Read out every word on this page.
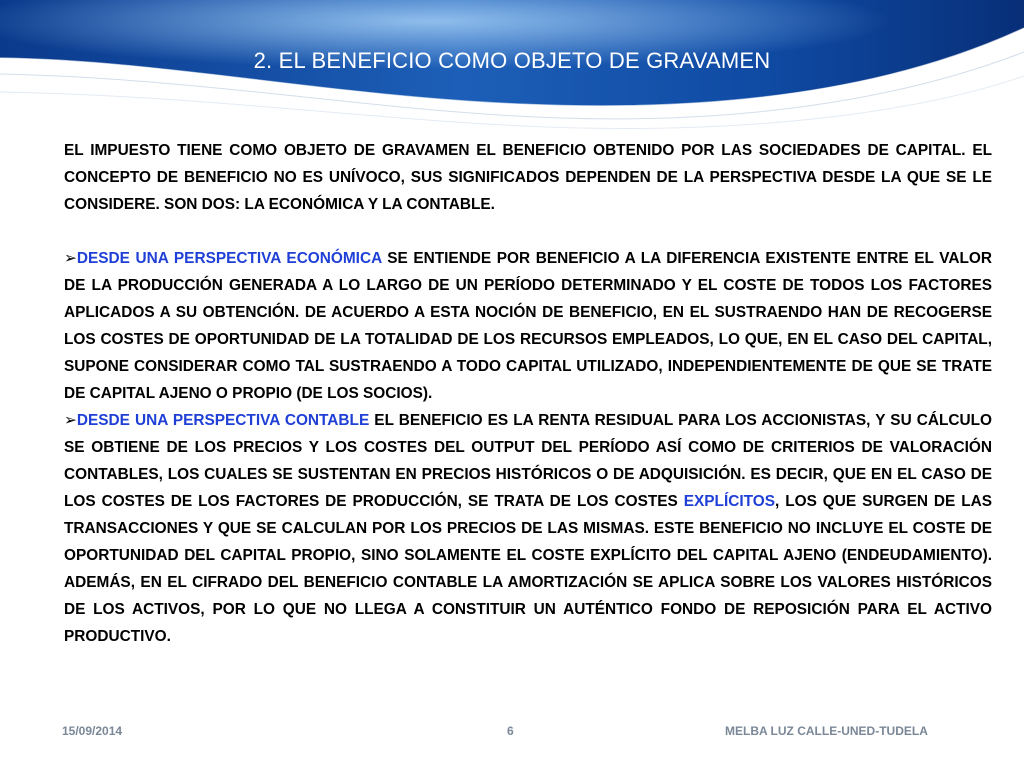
2. EL BENEFICIO COMO OBJETO DE GRAVAMEN

EL IMPUESTO TIENE COMO OBJETO DE GRAVAMEN EL BENEFICIO OBTENIDO POR LAS SOCIEDADES DE CAPITAL. EL CONCEPTO DE BENEFICIO NO ES UNÍVOCO, SUS SIGNIFICADOS DEPENDEN DE LA PERSPECTIVA DESDE LA QUE SE LE CONSIDERE. SON DOS: LA ECONÓMICA Y LA CONTABLE.

➢DESDE UNA PERSPECTIVA ECONÓMICA SE ENTIENDE POR BENEFICIO A LA DIFERENCIA EXISTENTE ENTRE EL VALOR DE LA PRODUCCIÓN GENERADA A LO LARGO DE UN PERÍODO DETERMINADO Y EL COSTE DE TODOS LOS FACTORES APLICADOS A SU OBTENCIÓN. DE ACUERDO A ESTA NOCIÓN DE BENEFICIO, EN EL SUSTRAENDO HAN DE RECOGERSE LOS COSTES DE OPORTUNIDAD DE LA TOTALIDAD DE LOS RECURSOS EMPLEADOS, LO QUE, EN EL CASO DEL CAPITAL, SUPONE CONSIDERAR COMO TAL SUSTRAENDO A TODO CAPITAL UTILIZADO, INDEPENDIENTEMENTE DE QUE SE TRATE DE CAPITAL AJENO O PROPIO (DE LOS SOCIOS).

➢DESDE UNA PERSPECTIVA CONTABLE EL BENEFICIO ES LA RENTA RESIDUAL PARA LOS ACCIONISTAS, Y SU CÁLCULO SE OBTIENE DE LOS PRECIOS Y LOS COSTES DEL OUTPUT DEL PERÍODO ASÍ COMO DE CRITERIOS DE VALORACIÓN CONTABLES, LOS CUALES SE SUSTENTAN EN PRECIOS HISTÓRICOS O DE ADQUISICIÓN. ES DECIR, QUE EN EL CASO DE LOS COSTES DE LOS FACTORES DE PRODUCCIÓN, SE TRATA DE LOS COSTES EXPLÍCITOS, LOS QUE SURGEN DE LAS TRANSACCIONES Y QUE SE CALCULAN POR LOS PRECIOS DE LAS MISMAS. ESTE BENEFICIO NO INCLUYE EL COSTE DE OPORTUNIDAD DEL CAPITAL PROPIO, SINO SOLAMENTE EL COSTE EXPLÍCITO DEL CAPITAL AJENO (ENDEUDAMIENTO). ADEMÁS, EN EL CIFRADO DEL BENEFICIO CONTABLE LA AMORTIZACIÓN SE APLICA SOBRE LOS VALORES HISTÓRICOS DE LOS ACTIVOS, POR LO QUE NO LLEGA A CONSTITUIR UN AUTÉNTICO FONDO DE REPOSICIÓN PARA EL ACTIVO PRODUCTIVO.

15/09/2014	6	MELBA LUZ CALLE-UNED-TUDELA
